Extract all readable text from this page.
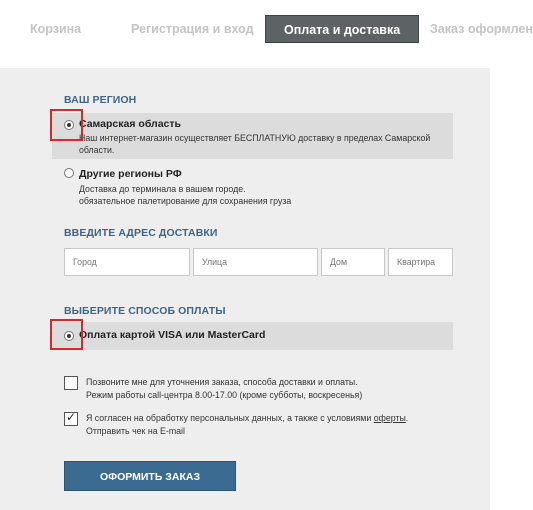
Корзина	Регистрация и вход	Оплата и доставка	Заказ оформлен
ВАШ РЕГИОН
Самарская область
Наш интернет-магазин осуществляет БЕСПЛАТНУЮ доставку в пределах Самарской области.
Другие регионы РФ
Доставка до терминала в вашем городе.
обязательное палетирование для сохранения груза
ВВЕДИТЕ АДРЕС ДОСТАВКИ
Город
Улица
Дом
Квартира
ВЫБЕРИТЕ СПОСОБ ОПЛАТЫ
Оплата картой VISA или MasterCard
Позвоните мне для уточнения заказа, способа доставки и оплаты.
Режим работы call-центра 8.00-17.00 (кроме субботы, воскресенья)
✓ Я согласен на обработку персональных данных, а также с условиями оферты.
Отправить чек на E-mail
ОФОРМИТЬ ЗАКАЗ
